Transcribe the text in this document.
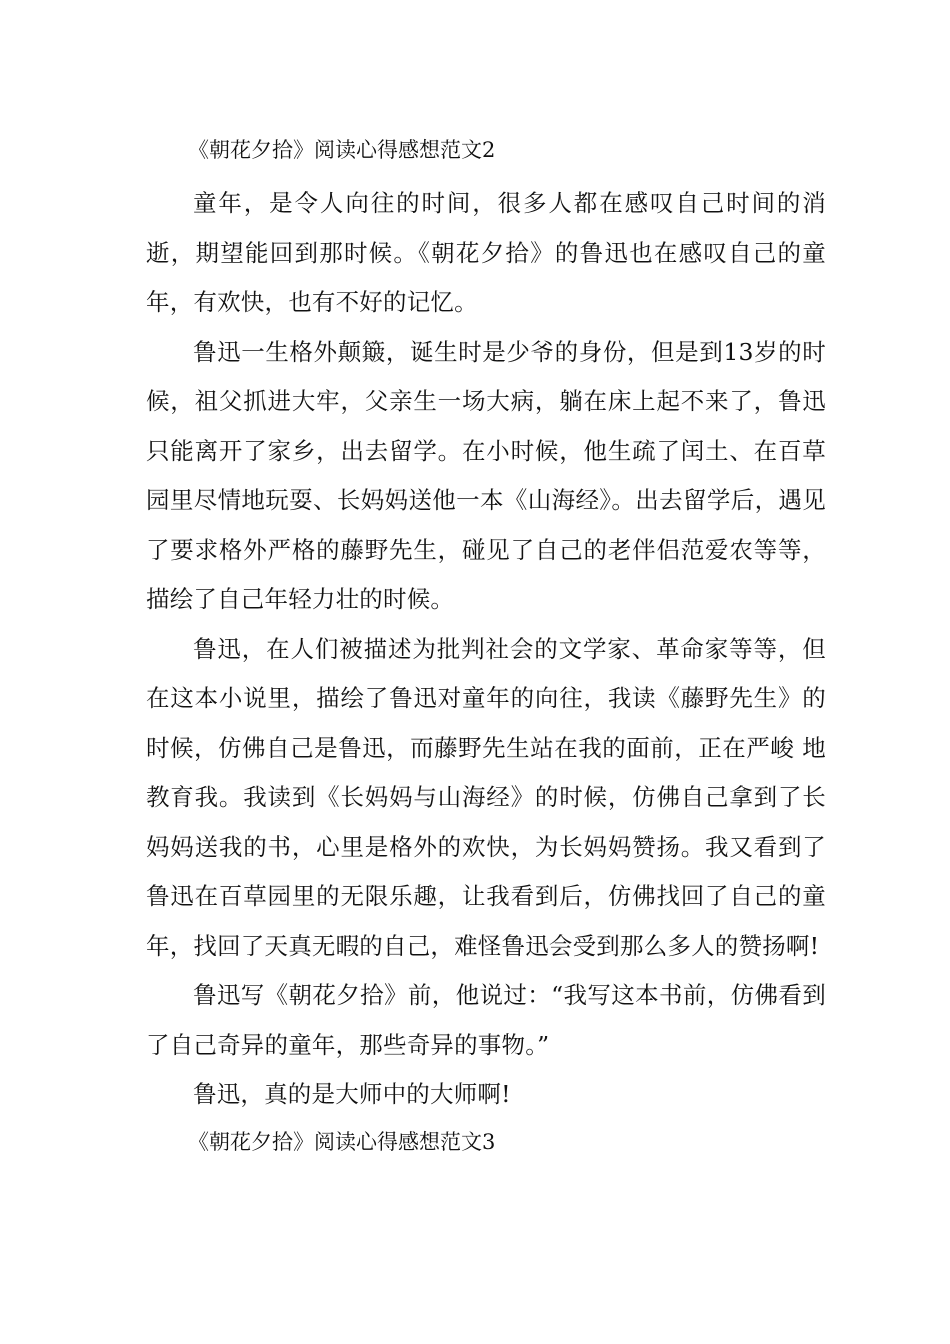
《朝花夕拾》阅读心得感想范文2

童年，是令人向往的时间，很多人都在感叹自己时间的消逝，期望能回到那时候。《朝花夕拾》的鲁迅也在感叹自己的童年，有欢快，也有不好的记忆。

鲁迅一生格外颠簸，诞生时是少爷的身份，但是到13岁的时候，祖父抓进大牢，父亲生一场大病，躺在床上起不来了，鲁迅只能离开了家乡，出去留学。在小时候，他生疏了闰土、在百草园里尽情地玩耍、长妈妈送他一本《山海经》。出去留学后，遇见了要求格外严格的藤野先生，碰见了自己的老伴侣范爱农等等，描绘了自己年轻力壮的时候。

鲁迅，在人们被描述为批判社会的文学家、革命家等等，但在这本小说里，描绘了鲁迅对童年的向往，我读《藤野先生》的时候，仿佛自己是鲁迅，而藤野先生站在我的面前，正在严峻 地教育我。我读到《长妈妈与山海经》的时候，仿佛自己拿到了长妈妈送我的书，心里是格外的欢快，为长妈妈赞扬。我又看到了鲁迅在百草园里的无限乐趣，让我看到后，仿佛找回了自己的童年，找回了天真无暇的自己，难怪鲁迅会受到那么多人的赞扬啊!

鲁迅写《朝花夕拾》前，他说过：“我写这本书前，仿佛看到了自己奇异的童年，那些奇异的事物。”

鲁迅，真的是大师中的大师啊!

《朝花夕拾》阅读心得感想范文3
